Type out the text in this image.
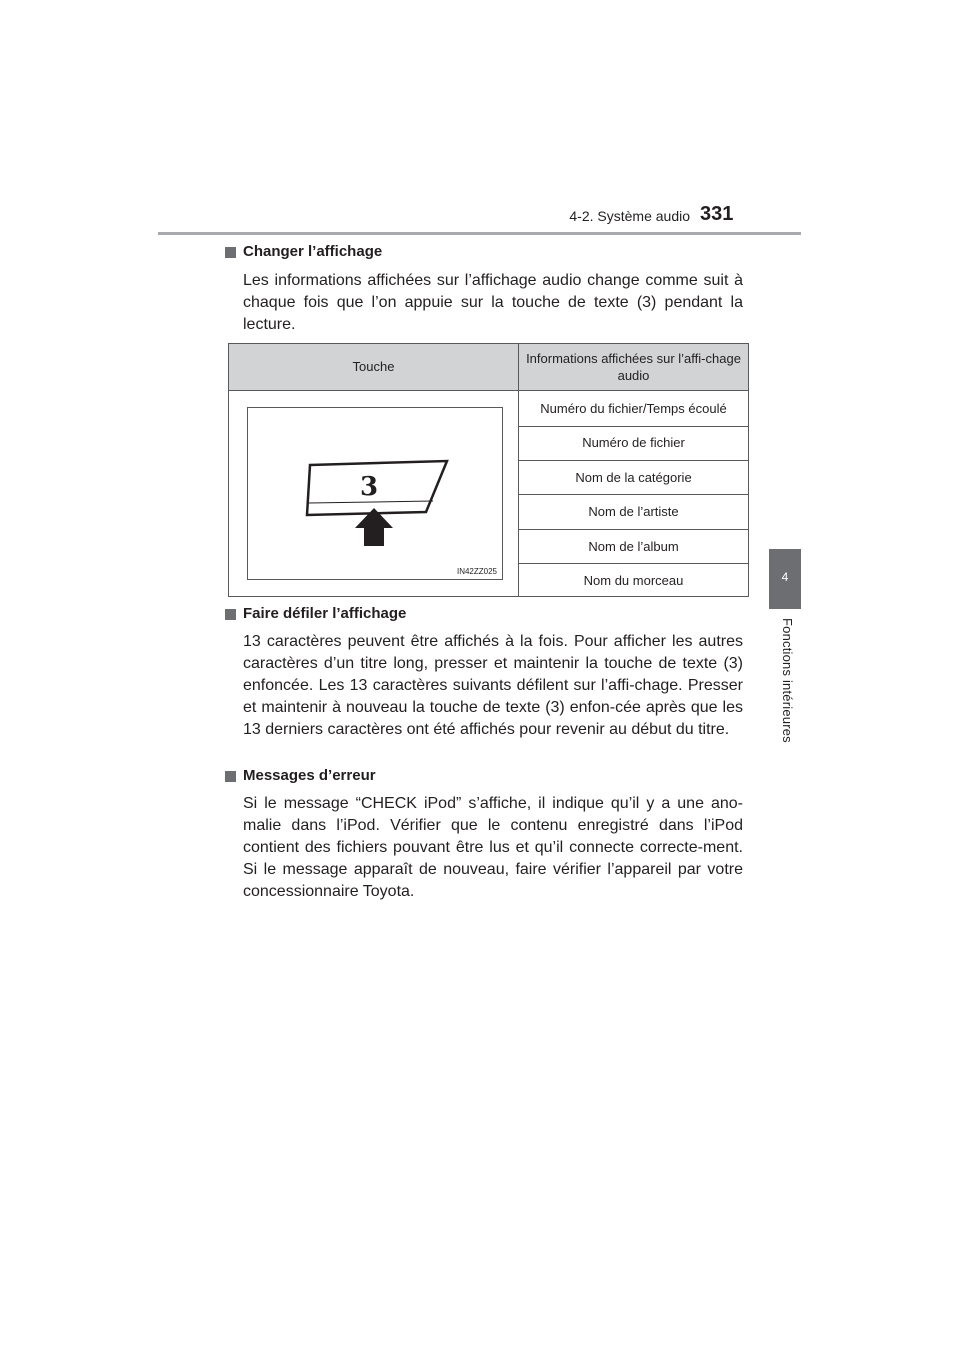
4-2. Système audio 331
4
Fonctions intérieures
Changer l’affichage
Les informations affichées sur l’affichage audio change comme suit à chaque fois que l’on appuie sur la touche de texte (3) pendant la lecture.
Touche
Informations affichées sur l’affi-chage audio
Numéro du fichier/Temps écoulé
Numéro de fichier
Nom de la catégorie
Nom de l’artiste
Nom de l’album
Nom du morceau
3
IN42ZZ025
Faire défiler l’affichage
13 caractères peuvent être affichés à la fois. Pour afficher les autres caractères d’un titre long, presser et maintenir la touche de texte (3) enfoncée. Les 13 caractères suivants défilent sur l’affi-chage. Presser et maintenir à nouveau la touche de texte (3) enfon-cée après que les 13 derniers caractères ont été affichés pour revenir au début du titre.
Messages d’erreur
Si le message “CHECK iPod” s’affiche, il indique qu’il y a une ano-malie dans l’iPod. Vérifier que le contenu enregistré dans l’iPod contient des fichiers pouvant être lus et qu’il connecte correcte-ment. Si le message apparaît de nouveau, faire vérifier l’appareil par votre concessionnaire Toyota.
